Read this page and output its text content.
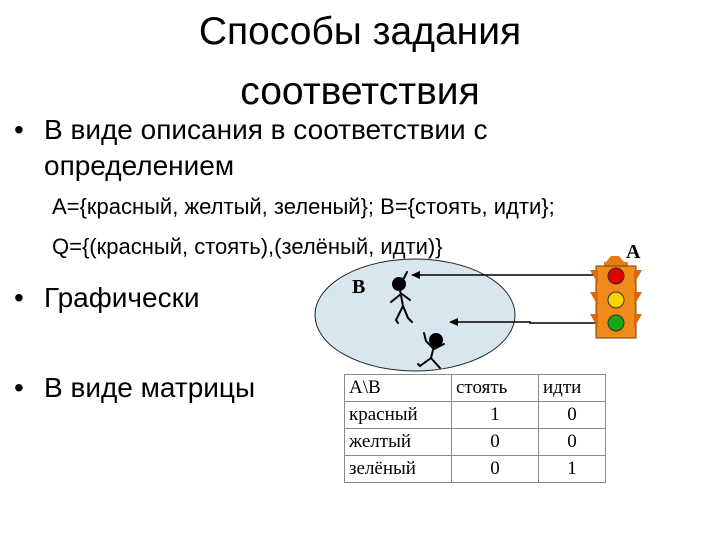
Способы задания
соответствия
• В виде описания в соответствии с
определением
A={красный, желтый, зеленый}; B={стоять, идти};
Q={(красный, стоять),(зелёный, идти)}
• Графически
• В виде матрицы
B
A
A\B	стоять	идти
красный	1	0
желтый	0	0
зелёный	0	1
